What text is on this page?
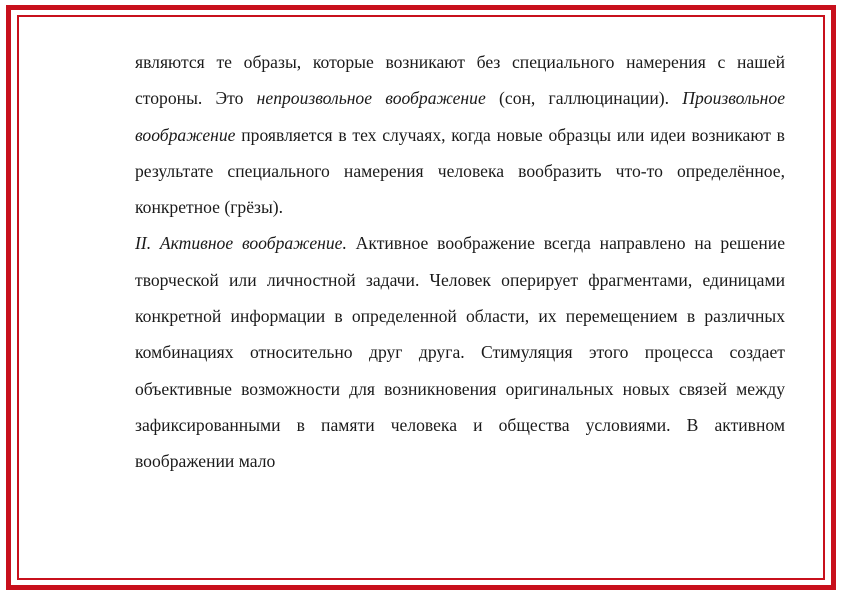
являются те образы, которые возникают без специального намерения с нашей стороны. Это непроизвольное воображение (сон, галлюцинации). Произвольное воображение проявляется в тех случаях, когда новые образцы или идеи возникают в результате специального намерения человека вообразить что-то определённое, конкретное (грёзы).

II. Активное воображение. Активное воображение всегда направлено на решение творческой или личностной задачи. Человек оперирует фрагментами, единицами конкретной информации в определенной области, их перемещением в различных комбинациях относительно друг друга. Стимуляция этого процесса создает объективные возможности для возникновения оригинальных новых связей между зафиксированными в памяти человека и общества условиями. В активном воображении мало
